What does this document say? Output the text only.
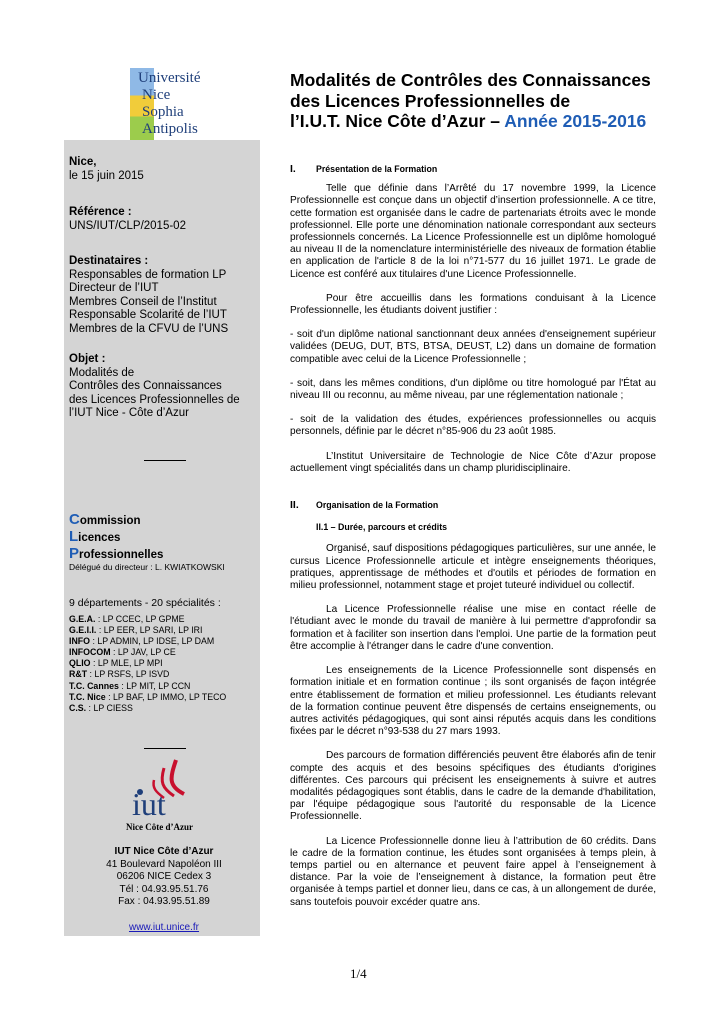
Université
Nice
Sophia Antipolis
Modalités de Contrôles des Connaissances
des Licences Professionnelles de
l’I.U.T. Nice Côte d’Azur – Année 2015-2016
Nice,
le 15 juin 2015
Référence :
UNS/IUT/CLP/2015-02
Destinataires :
Responsables de formation LP
Directeur de l’IUT
Membres Conseil de l’Institut
Responsable Scolarité de l’IUT
Membres de la CFVU de l’UNS
Objet :
Modalités de
Contrôles des Connaissances
des Licences Professionnelles de
l’IUT Nice - Côte d’Azur
Commission
Licences
Professionnelles
Délégué du directeur : L. KWIATKOWSKI
9 départements - 20 spécialités :
G.E.A. : LP CCEC, LP GPME
G.E.I.I. : LP EER, LP SARI, LP IRI
INFO : LP ADMIN, LP IDSE, LP DAM
INFOCOM : LP JAV, LP CE
QLIO : LP MLE, LP MPI
R&T : LP RSFS, LP ISVD
T.C. Cannes : LP MIT, LP CCN
T.C. Nice : LP BAF, LP IMMO, LP TECO
C.S. : LP CIESS
iut
Nice Côte d’Azur
IUT Nice Côte d’Azur
41 Boulevard Napoléon III
06206 NICE Cedex 3
Tél : 04.93.95.51.76
Fax : 04.93.95.51.89
www.iut.unice.fr
I. Présentation de la Formation

Telle que définie dans l’Arrêté du 17 novembre 1999, la Licence Professionnelle est conçue dans un objectif d’insertion professionnelle. A ce titre, cette formation est organisée dans le cadre de partenariats étroits avec le monde professionnel. Elle porte une dénomination nationale correspondant aux secteurs professionnels concernés. La Licence Professionnelle est un diplôme homologué au niveau II de la nomenclature interministérielle des niveaux de formation établie en application de l'article 8 de la loi n°71-577 du 16 juillet 1971. Le grade de Licence est conféré aux titulaires d'une Licence Professionnelle.

Pour être accueillis dans les formations conduisant à la Licence Professionnelle, les étudiants doivent justifier :

- soit d'un diplôme national sanctionnant deux années d'enseignement supérieur validées (DEUG, DUT, BTS, BTSA, DEUST, L2) dans un domaine de formation compatible avec celui de la Licence Professionnelle ;

- soit, dans les mêmes conditions, d'un diplôme ou titre homologué par l'État au niveau III ou reconnu, au même niveau, par une réglementation nationale ;

- soit de la validation des études, expériences professionnelles ou acquis personnels, définie par le décret n°85-906 du 23 août 1985.

L’Institut Universitaire de Technologie de Nice Côte d’Azur propose actuellement vingt spécialités dans un champ pluridisciplinaire.

II. Organisation de la Formation
II.1 – Durée, parcours et crédits

Organisé, sauf dispositions pédagogiques particulières, sur une année, le cursus Licence Professionnelle articule et intègre enseignements théoriques, pratiques, apprentissage de méthodes et d'outils et périodes de formation en milieu professionnel, notamment stage et projet tuteuré individuel ou collectif.

La Licence Professionnelle réalise une mise en contact réelle de l'étudiant avec le monde du travail de manière à lui permettre d'approfondir sa formation et à faciliter son insertion dans l'emploi. Une partie de la formation peut être accomplie à l'étranger dans le cadre d'une convention.

Les enseignements de la Licence Professionnelle sont dispensés en formation initiale et en formation continue ; ils sont organisés de façon intégrée entre établissement de formation et milieu professionnel. Les étudiants relevant de la formation continue peuvent être dispensés de certains enseignements, ou autres activités pédagogiques, qui sont ainsi réputés acquis dans les conditions fixées par le décret n°93-538 du 27 mars 1993.

Des parcours de formation différenciés peuvent être élaborés afin de tenir compte des acquis et des besoins spécifiques des étudiants d'origines différentes. Ces parcours qui précisent les enseignements à suivre et autres modalités pédagogiques sont établis, dans le cadre de la demande d'habilitation, par l'équipe pédagogique sous l'autorité du responsable de la Licence Professionnelle.

La Licence Professionnelle donne lieu à l’attribution de 60 crédits. Dans le cadre de la formation continue, les études sont organisées à temps plein, à temps partiel ou en alternance et peuvent faire appel à l’enseignement à distance. Par la voie de l’enseignement à distance, la formation peut être organisée à temps partiel et donner lieu, dans ce cas, à un allongement de durée, sans toutefois pouvoir excéder quatre ans.

1/4
